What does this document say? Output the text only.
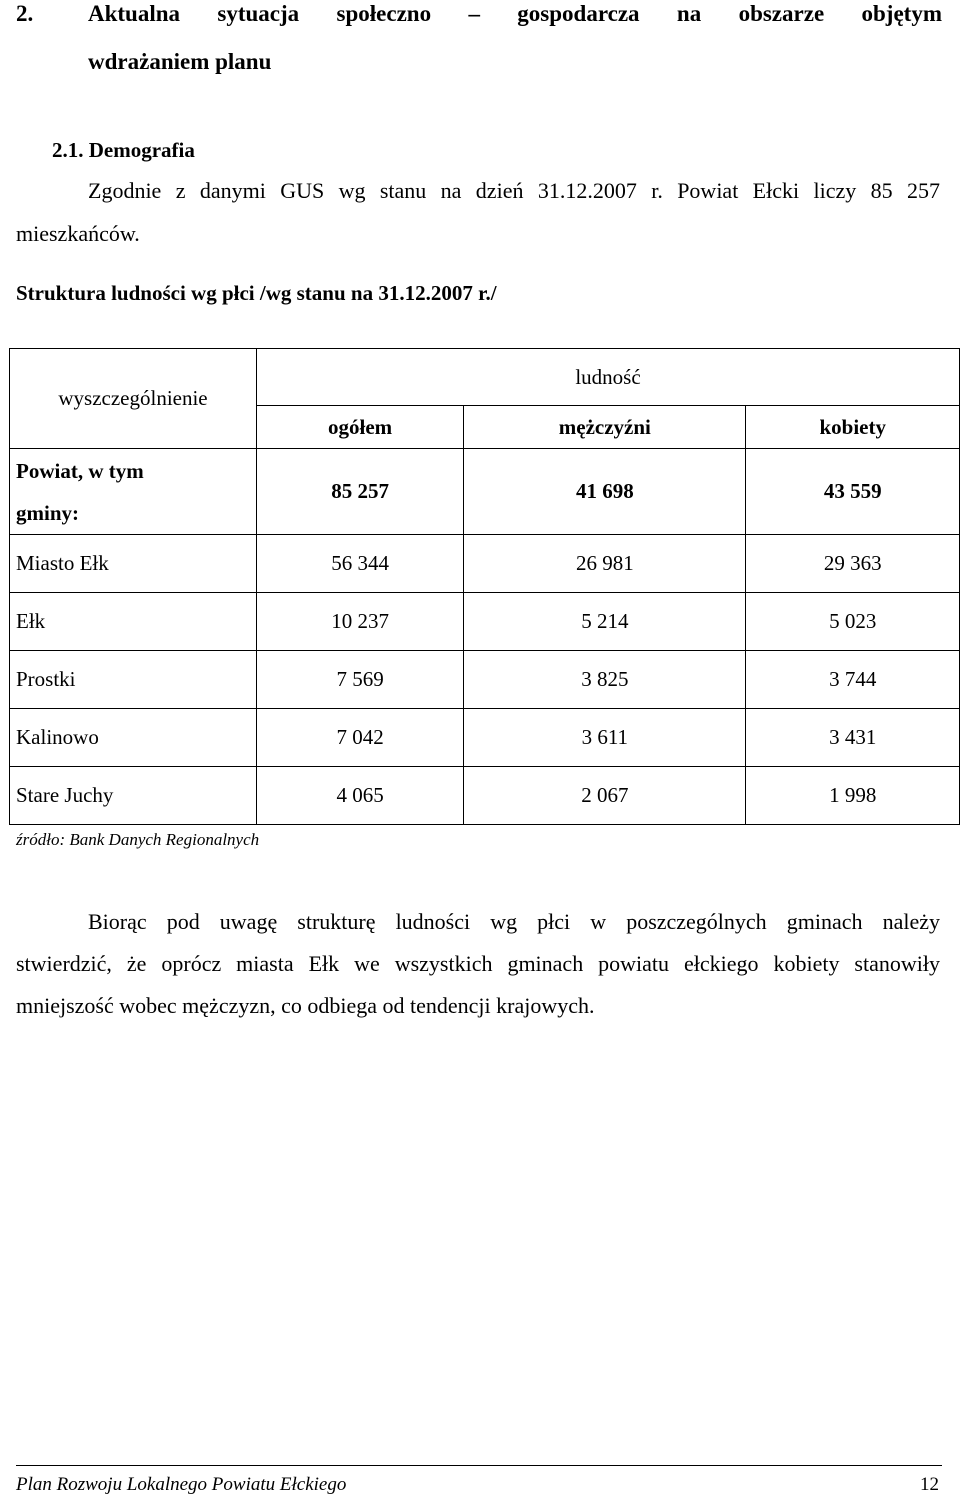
2.	Aktualna sytuacja społeczno – gospodarcza na obszarze objętym
wdrażaniem planu
2.1. Demografia
Zgodnie z danymi GUS wg stanu na dzień 31.12.2007 r. Powiat Ełcki liczy 85 257
mieszkańców.
Struktura ludności wg płci /wg stanu na 31.12.2007 r./
wyszczególnienie	ludność		
	ogółem	mężczyźni	kobiety

Powiat, w tym
gminy:	85 257	41 698	43 559
Miasto Ełk	56 344	26 981	29 363
Ełk	10 237	5 214	5 023
Prostki	7 569	3 825	3 744
Kalinowo	7 042	3 611	3 431
Stare Juchy	4 065	2 067	1 998
źródło: Bank Danych Regionalnych
Biorąc pod uwagę strukturę ludności wg płci w poszczególnych gminach należy
stwierdzić, że oprócz miasta Ełk we wszystkich gminach powiatu ełckiego kobiety stanowiły
mniejszość wobec mężczyzn, co odbiega od tendencji krajowych.
Plan Rozwoju Lokalnego Powiatu Ełckiego	12
